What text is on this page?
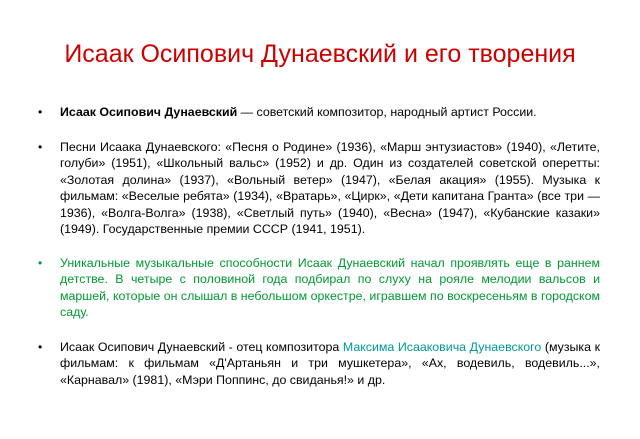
Исаак Осипович Дунаевский и его творения
• Исаак Осипович Дунаевский — советский композитор, народный артист России.
• Песни Исаака Дунаевского: «Песня о Родине» (1936), «Марш энтузиастов» (1940), «Летите, голуби» (1951), «Школьный вальс» (1952) и др. Один из создателей советской оперетты: «Золотая долина» (1937), «Вольный ветер» (1947), «Белая акация» (1955). Музыка к фильмам: «Веселые ребята» (1934), «Вратарь», «Цирк», «Дети капитана Гранта» (все три — 1936), «Волга-Волга» (1938), «Светлый путь» (1940), «Весна» (1947), «Кубанские казаки» (1949). Государственные премии СССР (1941, 1951).
• Уникальные музыкальные способности Исаак Дунаевский начал проявлять еще в раннем детстве. В четыре с половиной года подбирал по слуху на рояле мелодии вальсов и маршей, которые он слышал в небольшом оркестре, игравшем по воскресеньям в городском саду.
• Исаак Осипович Дунаевский - отец композитора Максима Исааковича Дунаевского (музыка к фильмам: к фильмам «Д'Артаньян и три мушкетера», «Ах, водевиль, водевиль...», «Карнавал» (1981), «Мэри Поппинс, до свиданья!» и др.
